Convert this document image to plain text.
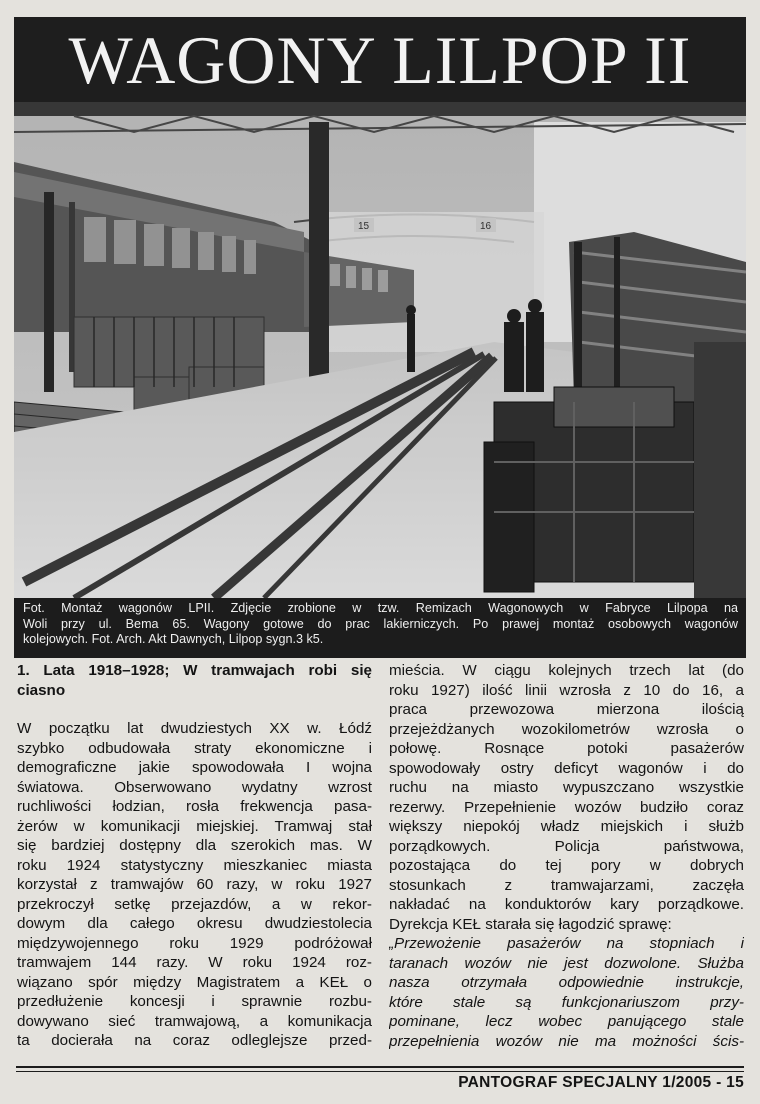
WAGONY LILPOP II
15	16
Fot. Montaż wagonów LPII. Zdjęcie zrobione w tzw. Remizach Wagonowych w Fabryce Lilpopa na
Woli przy ul. Bema 65. Wagony gotowe do prac lakierniczych. Po prawej montaż osobowych wagonów
kolejowych. Fot. Arch. Akt Dawnych, Lilpop sygn.3 k5.
1. Lata 1918–1928; W tramwajach robi się
ciasno
W początku lat dwudziestych XX w. Łódź
szybko odbudowała straty ekonomiczne i
demograficzne jakie spowodowała I wojna
światowa. Obserwowano wydatny wzrost
ruchliwości łodzian, rosła frekwencja pasa-
żerów w komunikacji miejskiej. Tramwaj stał
się bardziej dostępny dla szerokich mas. W
roku 1924 statystyczny mieszkaniec miasta
korzystał z tramwajów 60 razy, w roku 1927
przekroczył setkę przejazdów, a w rekor-
dowym dla całego okresu dwudziestolecia
międzywojennego roku 1929 podróżował
tramwajem 144 razy. W roku 1924 roz-
wiązano spór między Magistratem a KEŁ o
przedłużenie koncesji i sprawnie rozbu-
dowywano sieć tramwajową, a komunikacja
ta docierała na coraz odleglejsze przed-
mieścia. W ciągu kolejnych trzech lat (do
roku 1927) ilość linii wzrosła z 10 do 16, a
praca przewozowa mierzona ilością
przejeżdżanych wozokilometrów wzrosła o
połowę. Rosnące potoki pasażerów
spowodowały ostry deficyt wagonów i do
ruchu na miasto wypuszczano wszystkie
rezerwy. Przepełnienie wozów budziło coraz
większy niepokój władz miejskich i służb
porządkowych. Policja państwowa,
pozostająca do tej pory w dobrych
stosunkach z tramwajarzami, zaczęła
nakładać na konduktorów kary porządkowe.
Dyrekcja KEŁ starała się łagodzić sprawę:
„Przewożenie pasażerów na stopniach i
taranach wozów nie jest dozwolone. Służba
nasza otrzymała odpowiednie instrukcje,
które stale są funkcjonariuszom przy-
pominane, lecz wobec panującego stale
przepełnienia wozów nie ma możności ścis-
PANTOGRAF SPECJALNY 1/2005 - 15
